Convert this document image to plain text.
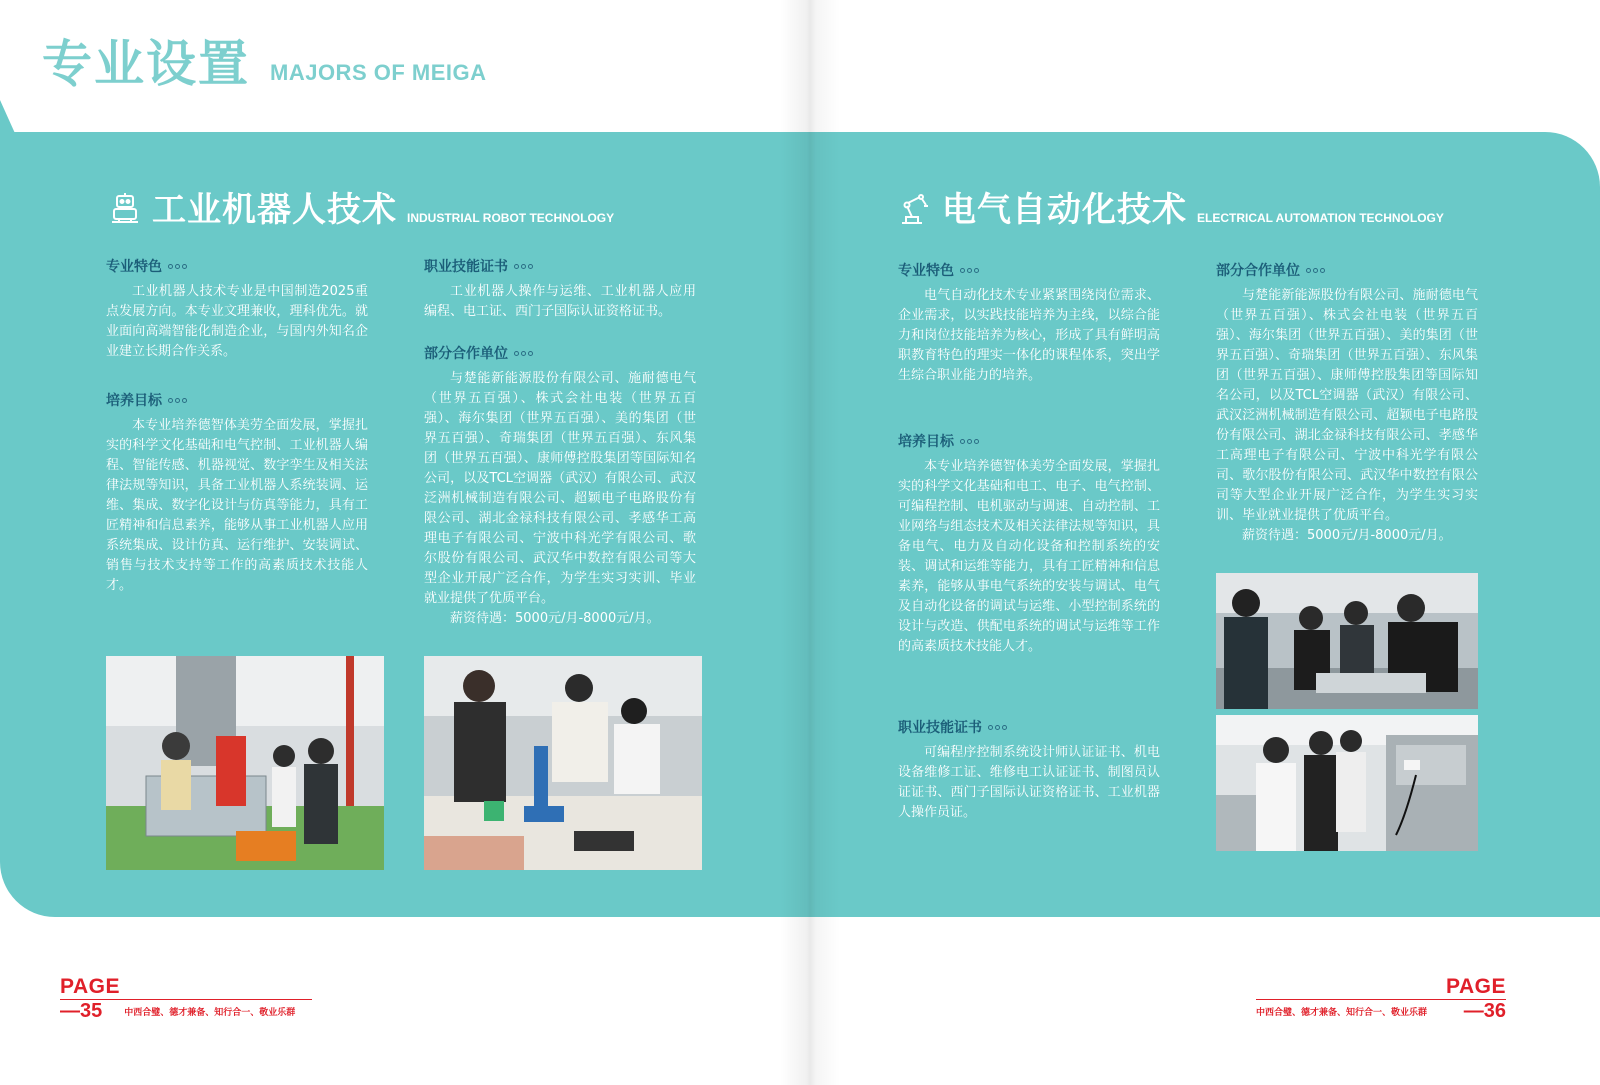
专业设置 MAJORS OF MEIGA
工业机器人技术 INDUSTRIAL ROBOT TECHNOLOGY
专业特色

工业机器人技术专业是中国制造2025重点发展方向。本专业文理兼收，理科优先。就业面向高端智能化制造企业，与国内外知名企业建立长期合作关系。

培养目标

本专业培养德智体美劳全面发展，掌握扎实的科学文化基础和电气控制、工业机器人编程、智能传感、机器视觉、数字孪生及相关法律法规等知识，具备工业机器人系统装调、运维、集成、数字化设计与仿真等能力，具有工匠精神和信息素养，能够从事工业机器人应用系统集成、设计仿真、运行维护、安装调试、销售与技术支持等工作的高素质技术技能人才。

职业技能证书

工业机器人操作与运维、工业机器人应用编程、电工证、西门子国际认证资格证书。

部分合作单位

与楚能新能源股份有限公司、施耐德电气（世界五百强）、株式会社电装（世界五百强）、海尔集团（世界五百强）、美的集团（世界五百强）、奇瑞集团（世界五百强）、东风集团（世界五百强）、康师傅控股集团等国际知名公司，以及TCL空调器（武汉）有限公司、武汉泛洲机械制造有限公司、超颖电子电路股份有限公司、湖北金禄科技有限公司、孝感华工高理电子有限公司、宁波中科光学有限公司、歌尔股份有限公司、武汉华中数控有限公司等大型企业开展广泛合作，为学生实习实训、毕业就业提供了优质平台。

薪资待遇：5000元/月-8000元/月。

电气自动化技术 ELECTRICAL AUTOMATION TECHNOLOGY
专业特色

电气自动化技术专业紧紧围绕岗位需求、企业需求，以实践技能培养为主线，以综合能力和岗位技能培养为核心，形成了具有鲜明高职教育特色的理实一体化的课程体系，突出学生综合职业能力的培养。

培养目标

本专业培养德智体美劳全面发展，掌握扎实的科学文化基础和电工、电子、电气控制、可编程控制、电机驱动与调速、自动控制、工业网络与组态技术及相关法律法规等知识，具备电气、电力及自动化设备和控制系统的安装、调试和运维等能力，具有工匠精神和信息素养，能够从事电气系统的安装与调试、电气及自动化设备的调试与运维、小型控制系统的设计与改造、供配电系统的调试与运维等工作的高素质技术技能人才。

职业技能证书

可编程序控制系统设计师认证证书、机电设备维修工证、维修电工认证证书、制图员认证证书、西门子国际认证资格证书、工业机器人操作员证。

部分合作单位

与楚能新能源股份有限公司、施耐德电气（世界五百强）、株式会社电装（世界五百强）、海尔集团（世界五百强）、美的集团（世界五百强）、奇瑞集团（世界五百强）、东风集团（世界五百强）、康师傅控股集团等国际知名公司，以及TCL空调器（武汉）有限公司、武汉泛洲机械制造有限公司、超颖电子电路股份有限公司、湖北金禄科技有限公司、孝感华工高理电子有限公司、宁波中科光学有限公司、歌尔股份有限公司、武汉华中数控有限公司等大型企业开展广泛合作，为学生实习实训、毕业就业提供了优质平台。

薪资待遇：5000元/月-8000元/月。

PAGE
—35 中西合璧、德才兼备、知行合一、敬业乐群
PAGE
中西合璧、德才兼备、知行合一、敬业乐群 —36
